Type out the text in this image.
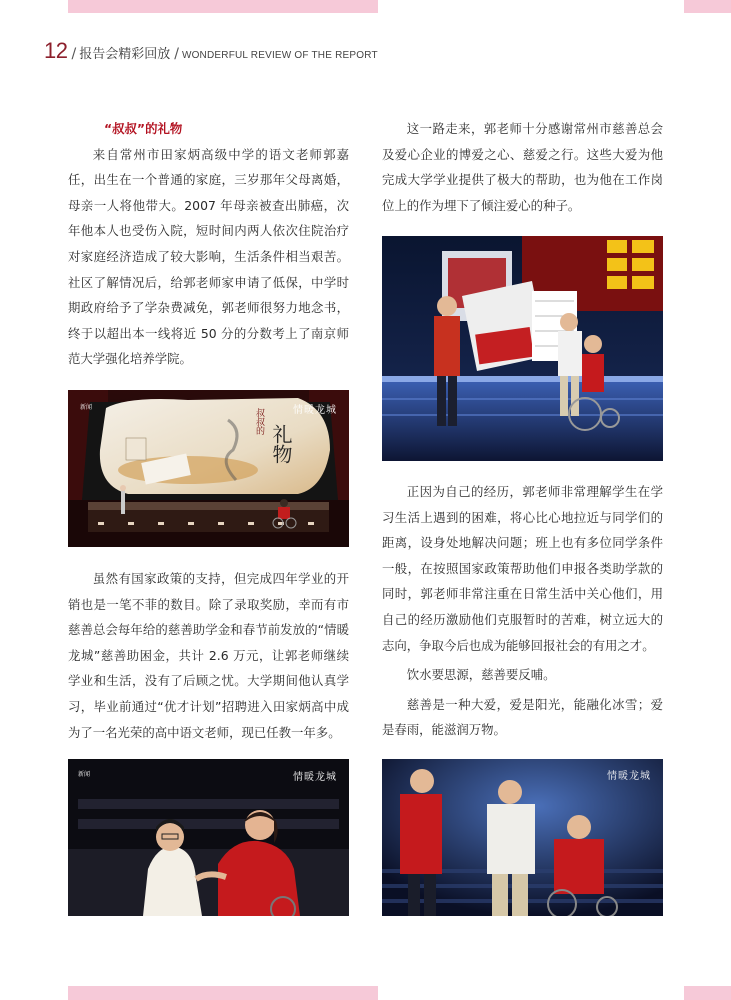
12 / 报告会精彩回放 / WONDERFUL REVIEW OF THE REPORT

“叔叔”的礼物

来自常州市田家炳高级中学的语文老师郭嘉任，出生在一个普通的家庭，三岁那年父母离婚，母亲一人将他带大。2007 年母亲被查出肺癌，次年他本人也受伤入院，短时间内两人依次住院治疗对家庭经济造成了较大影响，生活条件相当艰苦。社区了解情况后，给郭老师家申请了低保，中学时期政府给予了学杂费减免，郭老师很努力地念书，终于以超出本一线将近 50 分的分数考上了南京师范大学强化培养学院。

新闻
叔叔的
礼物
情暖龙城

虽然有国家政策的支持，但完成四年学业的开销也是一笔不菲的数目。除了录取奖励，幸而有市慈善总会每年给的慈善助学金和春节前发放的“情暖龙城”慈善助困金，共计 2.6 万元，让郭老师继续学业和生活，没有了后顾之忧。大学期间他认真学习，毕业前通过“优才计划”招聘进入田家炳高中成为了一名光荣的高中语文老师，现已任教一年多。

新闻	情暖龙城

这一路走来，郭老师十分感谢常州市慈善总会及爱心企业的博爱之心、慈爱之行。这些大爱为他完成大学学业提供了极大的帮助，也为他在工作岗位上的作为埋下了倾注爱心的种子。

正因为自己的经历，郭老师非常理解学生在学习生活上遇到的困难，将心比心地拉近与同学们的距离，设身处地解决问题；班上也有多位同学条件一般，在按照国家政策帮助他们申报各类助学款的同时，郭老师非常注重在日常生活中关心他们，用自己的经历激励他们克服暂时的苦难，树立远大的志向，争取今后也成为能够回报社会的有用之才。

饮水要思源，慈善要反哺。

慈善是一种大爱，爱是阳光，能融化冰雪；爱是春雨，能滋润万物。

情暖龙城
